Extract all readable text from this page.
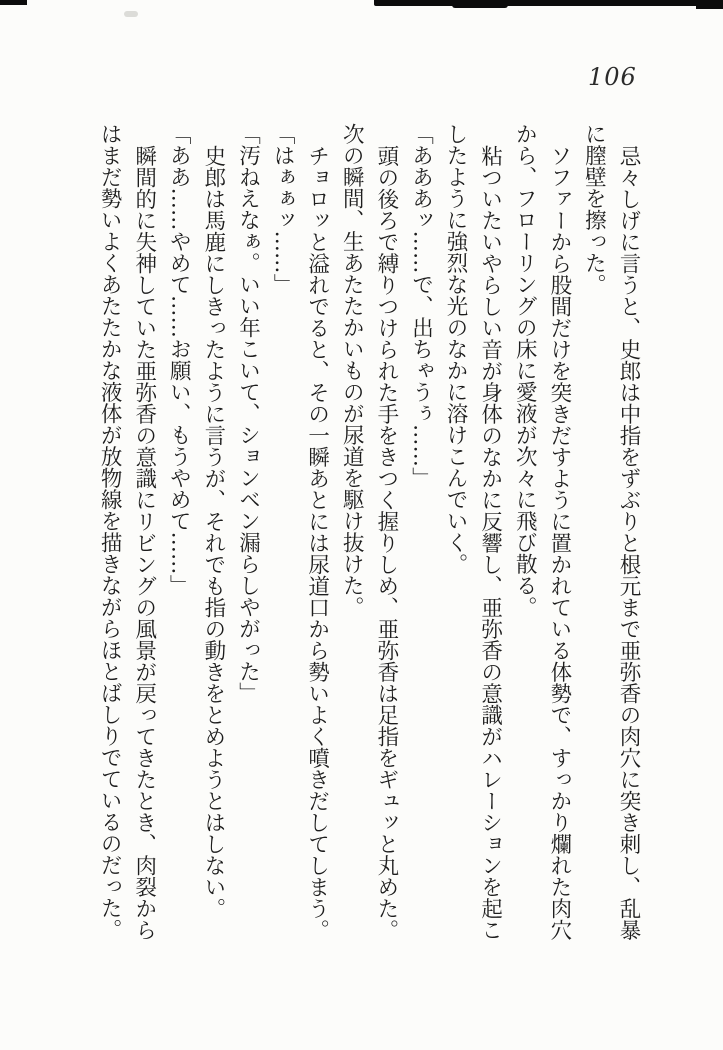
106

忌々しげに言うと、史郎は中指をずぶりと根元まで亜弥香の肉穴に突き刺し、乱暴

に膣壁を擦った。

ソファーから股間だけを突きだすように置かれている体勢で、すっかり爛れた肉穴

から、フローリングの床に愛液が次々に飛び散る。

粘ついたいやらしい音が身体のなかに反響し、亜弥香の意識がハレーションを起こ

したように強烈な光のなかに溶けこんでいく。

「あああッ……で、出ちゃうぅ……」

頭の後ろで縛りつけられた手をきつく握りしめ、亜弥香は足指をギュッと丸めた。

次の瞬間、生あたたかいものが尿道を駆け抜けた。

チョロッと溢れでると、その一瞬あとには尿道口から勢いよく噴きだしてしまう。

「はぁぁッ……」

「汚ねえなぁ。いい年こいて、ションベン漏らしやがった」

史郎は馬鹿にしきったように言うが、それでも指の動きをとめようとはしない。

「ああ……やめて……お願い、もうやめて……」

瞬間的に失神していた亜弥香の意識にリビングの風景が戻ってきたとき、肉裂から

はまだ勢いよくあたたかな液体が放物線を描きながらほとばしりでているのだった。
